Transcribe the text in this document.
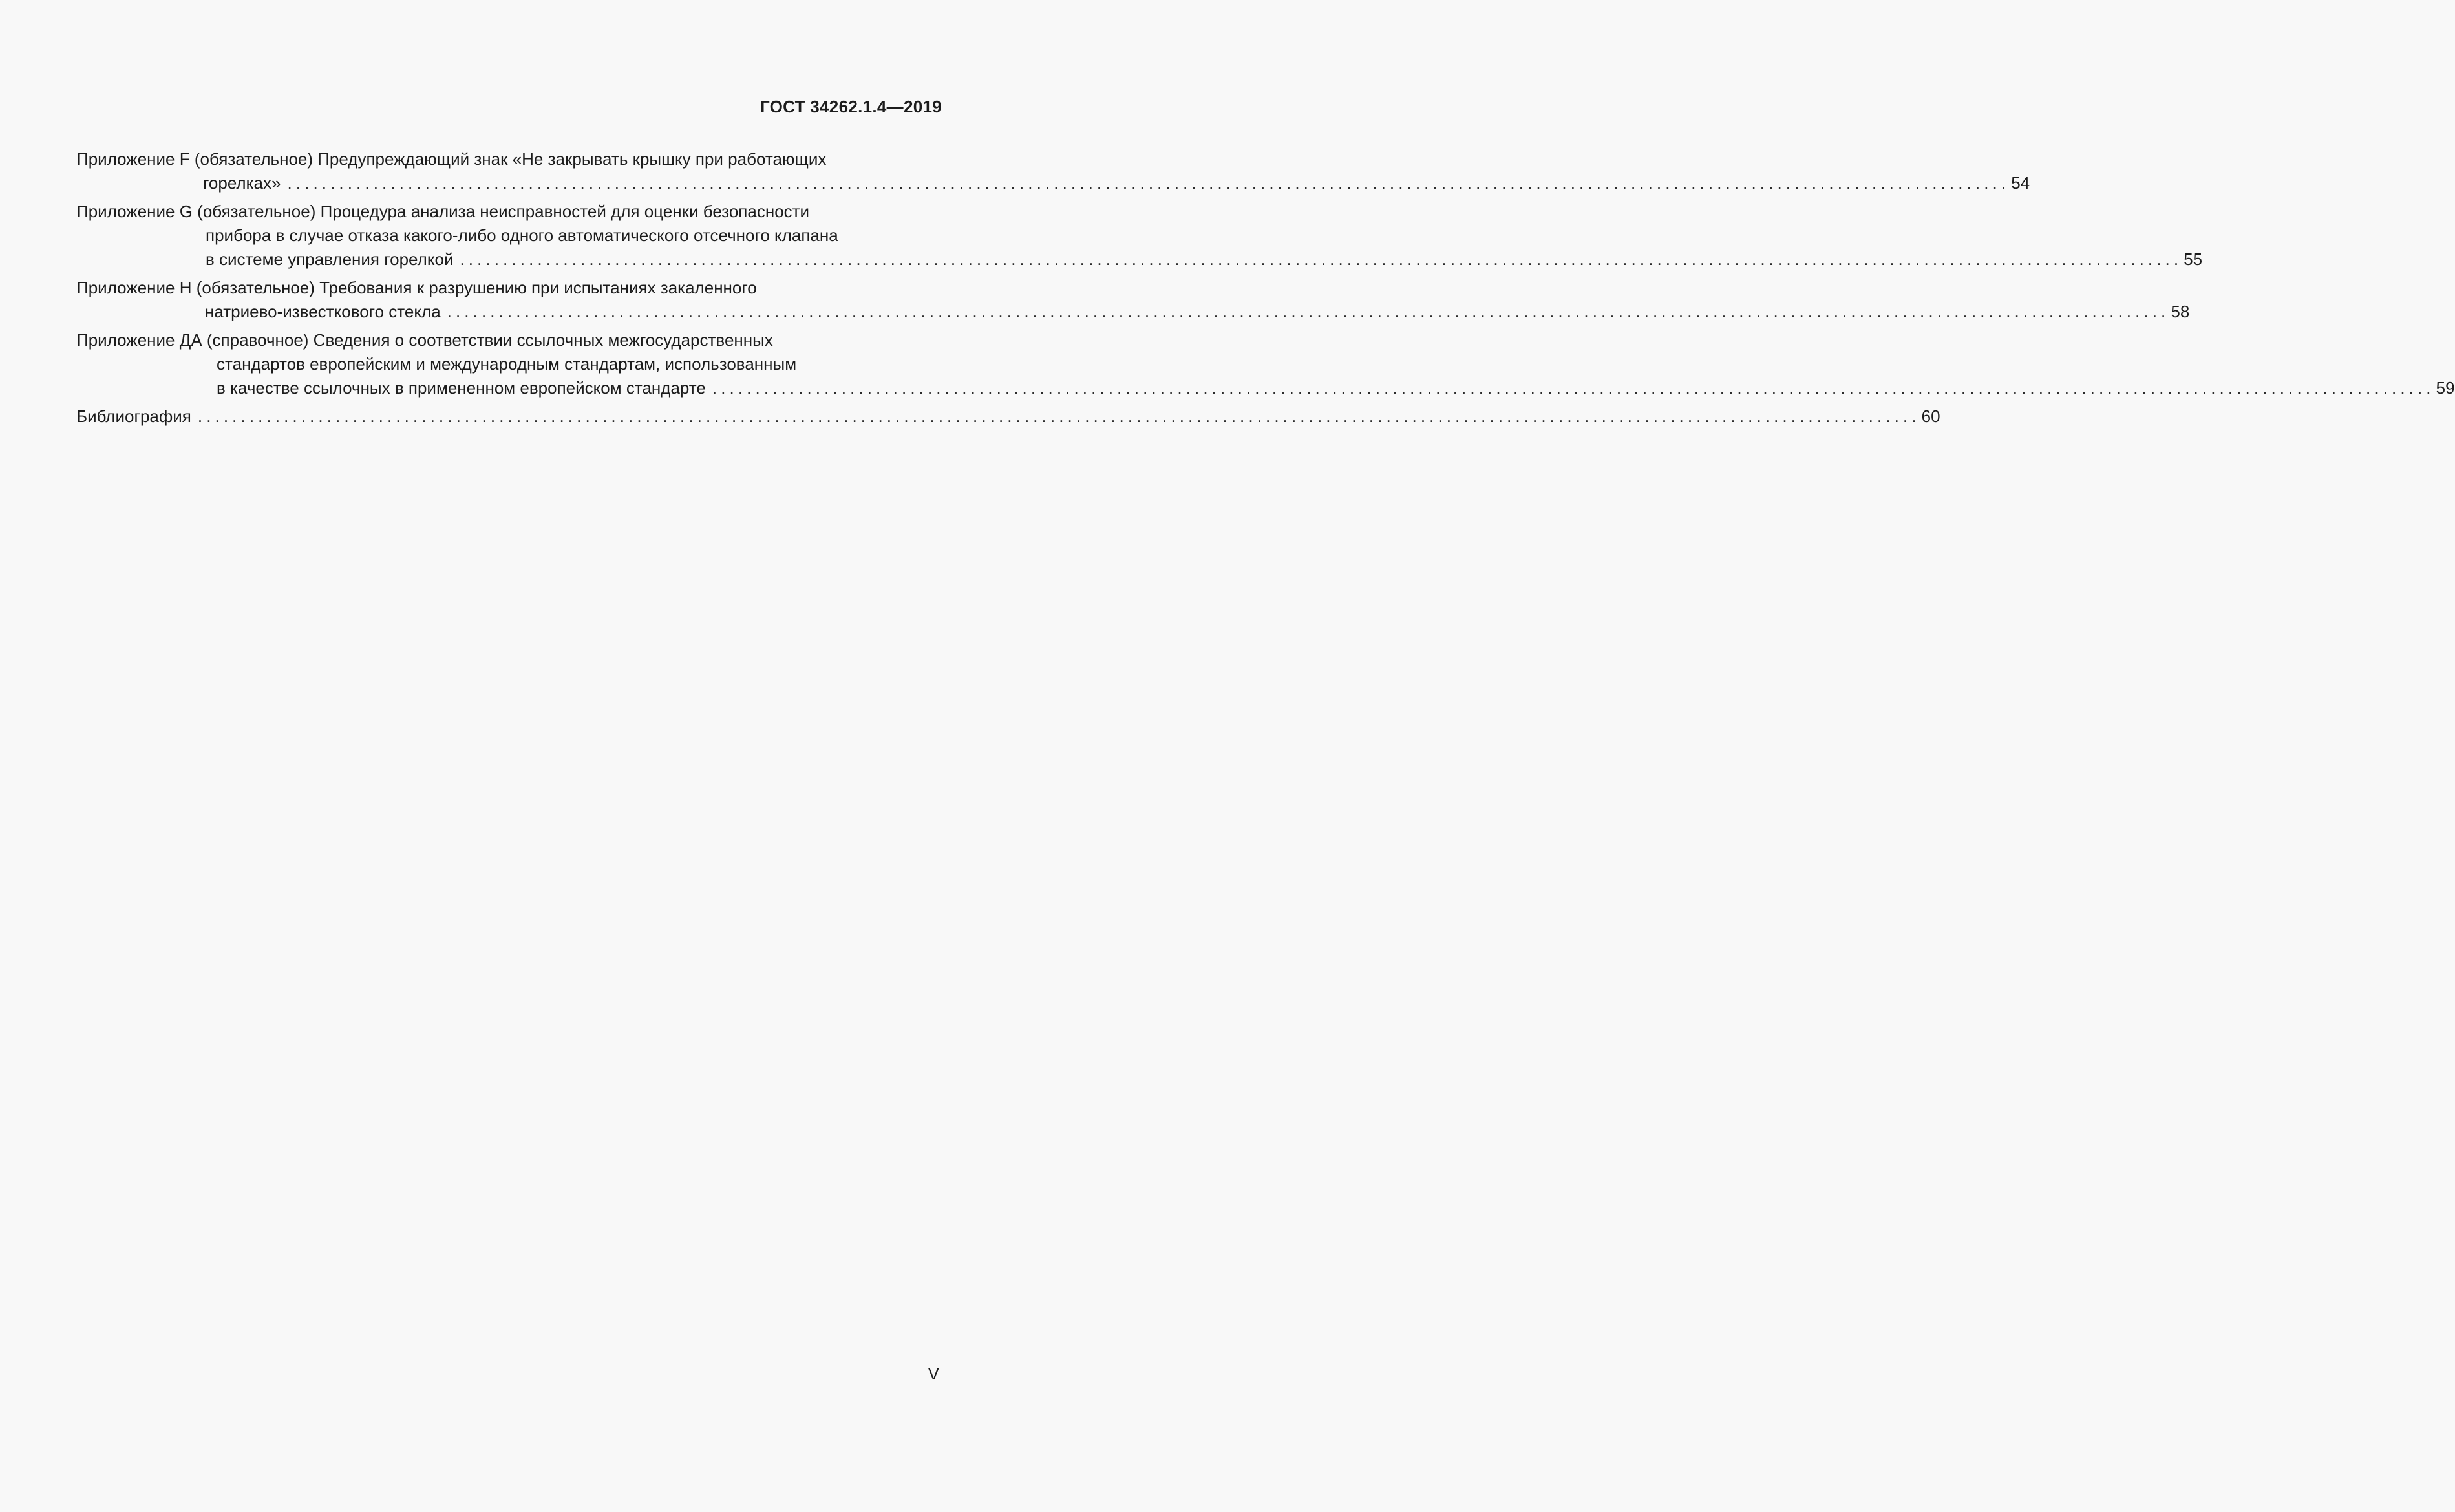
ГОСТ 34262.1.4—2019
Приложение F (обязательное) Предупреждающий знак «Не закрывать крышку при работающих
горелках» ........................................................................................................................................................................................................ 54
Приложение G (обязательное) Процедура анализа неисправностей для оценки безопасности
прибора в случае отказа какого-либо одного автоматического отсечного клапана
в системе управления горелкой ........................................................................................................................................................................................................ 55
Приложение H (обязательное) Требования к разрушению при испытаниях закаленного
натриево-известкового стекла ........................................................................................................................................................................................................ 58
Приложение ДА (справочное) Сведения о соответствии ссылочных межгосударственных
стандартов европейским и международным стандартам, использованным
в качестве ссылочных в примененном европейском стандарте ........................................................................................................................................................................................................ 59
Библиография ........................................................................................................................................................................................................ 60
V
